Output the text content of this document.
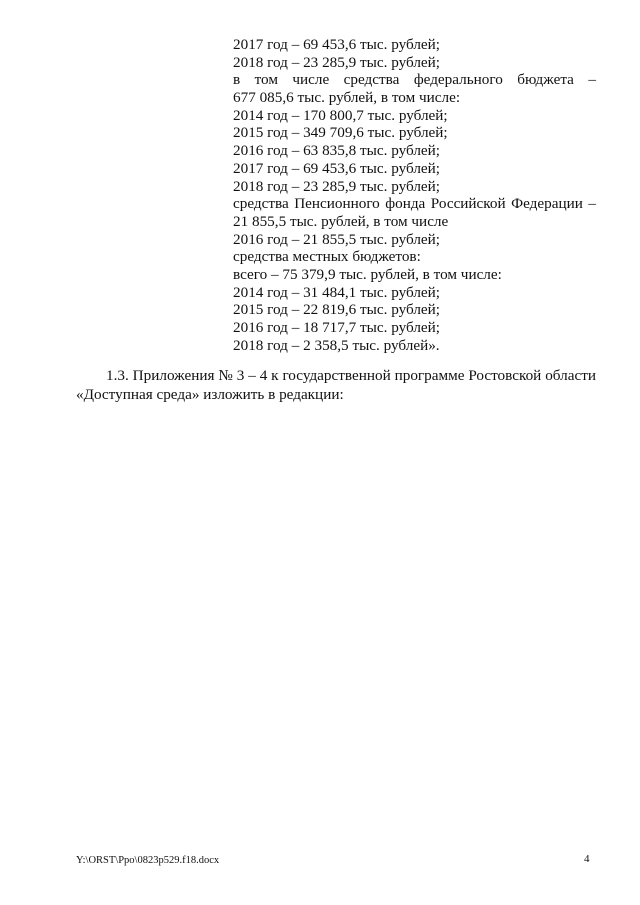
2017 год – 69 453,6 тыс. рублей;
2018 год – 23 285,9 тыс. рублей;
в том числе средства федерального бюджета –
677 085,6 тыс. рублей, в том числе:
2014 год – 170 800,7 тыс. рублей;
2015 год – 349 709,6 тыс. рублей;
2016 год – 63 835,8 тыс. рублей;
2017 год – 69 453,6 тыс. рублей;
2018 год – 23 285,9 тыс. рублей;
средства Пенсионного фонда Российской Федерации –
21 855,5 тыс. рублей, в том числе
2016 год – 21 855,5 тыс. рублей;
средства местных бюджетов:
всего – 75 379,9 тыс. рублей, в том числе:
2014 год – 31 484,1 тыс. рублей;
2015 год – 22 819,6 тыс. рублей;
2016 год – 18 717,7 тыс. рублей;
2018 год – 2 358,5 тыс. рублей».
1.3. Приложения № 3 – 4 к государственной программе Ростовской области
«Доступная среда» изложить в редакции:
Y:\ORST\Ppo\0823p529.f18.docx	4
